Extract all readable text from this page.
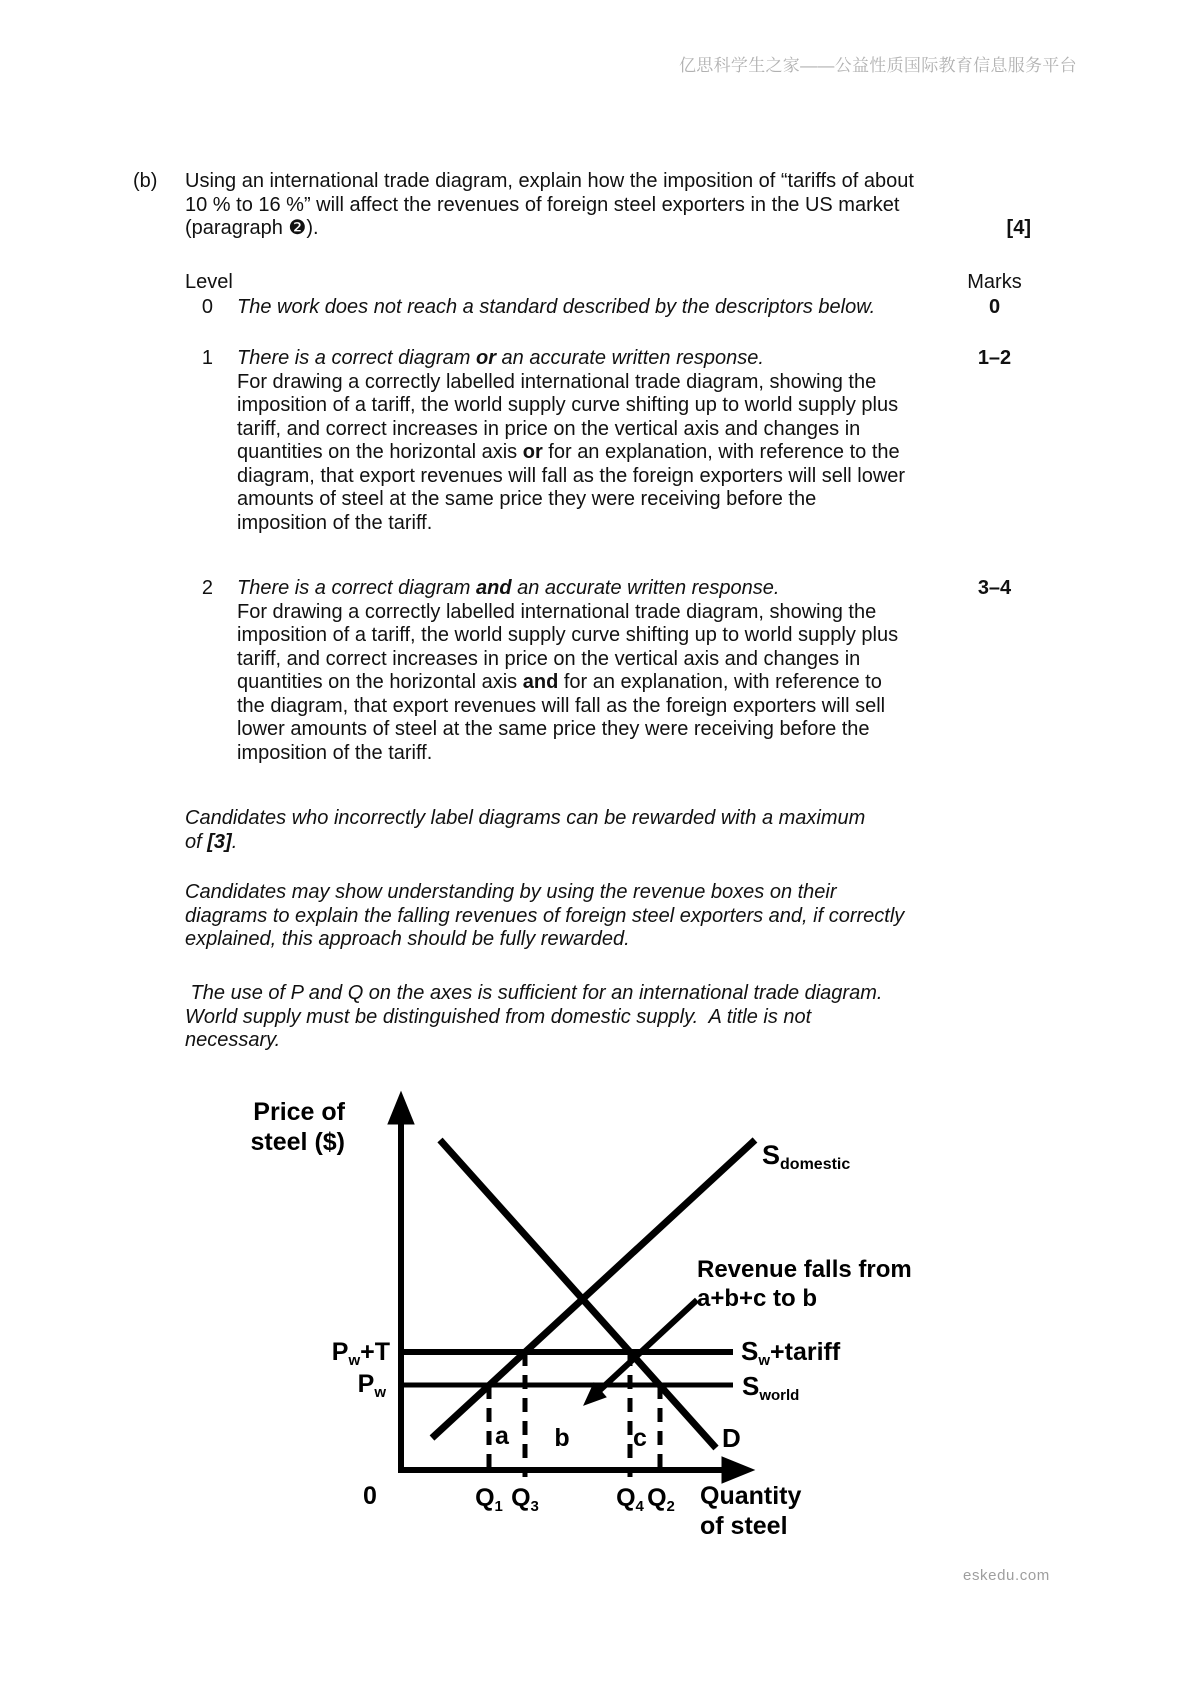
亿思科学生之家——公益性质国际教育信息服务平台
(b) Using an international trade diagram, explain how the imposition of “tariffs of about
10 % to 16 %” will affect the revenues of foreign steel exporters in the US market
(paragraph ❷).	[4]
Level	Marks
0 The work does not reach a standard described by the descriptors below.	0
1 There is a correct diagram or an accurate written response.
For drawing a correctly labelled international trade diagram, showing the
imposition of a tariff, the world supply curve shifting up to world supply plus
tariff, and correct increases in price on the vertical axis and changes in
quantities on the horizontal axis or for an explanation, with reference to the
diagram, that export revenues will fall as the foreign exporters will sell lower
amounts of steel at the same price they were receiving before the
imposition of the tariff.
1–2
2 There is a correct diagram and an accurate written response.
For drawing a correctly labelled international trade diagram, showing the
imposition of a tariff, the world supply curve shifting up to world supply plus
tariff, and correct increases in price on the vertical axis and changes in
quantities on the horizontal axis and for an explanation, with reference to
the diagram, that export revenues will fall as the foreign exporters will sell
lower amounts of steel at the same price they were receiving before the
imposition of the tariff.
3–4
Candidates who incorrectly label diagrams can be rewarded with a maximum
of [3].
Candidates may show understanding by using the revenue boxes on their
diagrams to explain the falling revenues of foreign steel exporters and, if correctly
explained, this approach should be fully rewarded.
The use of P and Q on the axes is sufficient for an international trade diagram.
World supply must be distinguished from domestic supply.  A title is not
necessary.
Price of
steel ($)	Sdomestic
Revenue falls from
a+b+c to b
Pw+T
Pw
Sw+tariff
Sworld
a b	c	D
0	Q1 Q3	Q4 Q2 Quantity
of steel
eskedu.com
